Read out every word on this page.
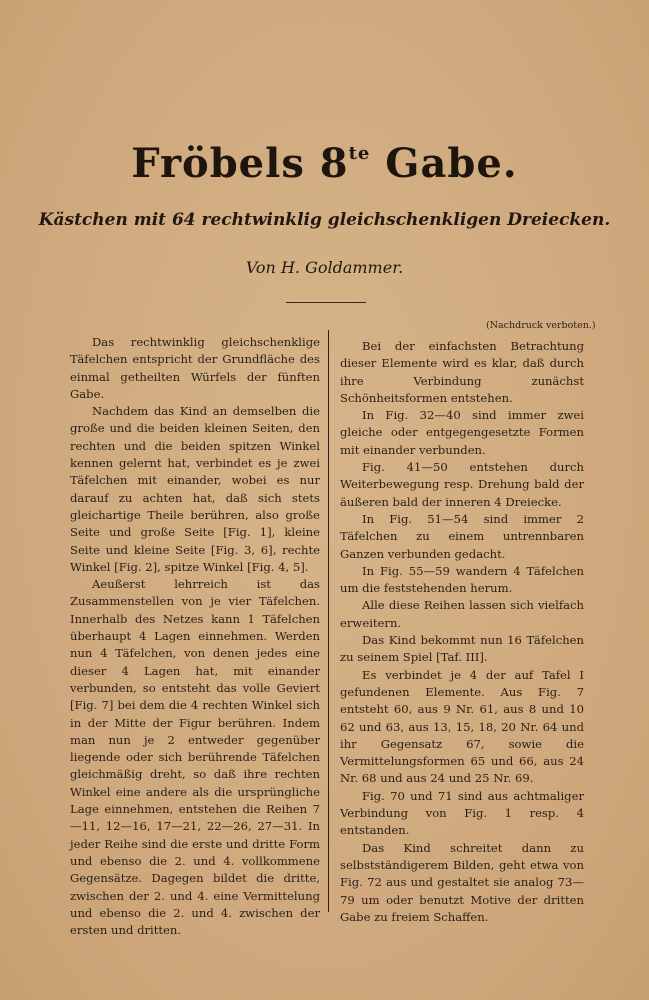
Fröbels $8^{te}$ Gabe.
Kästchen mit 64 rechtwinklig gleichschenkligen Dreiecken.
Von H. Goldammer.
(Nachdruck verboten.)

Das rechtwinklig gleichschenklige Täfelchen entspricht der Grundfläche des einmal getheilten Würfels der fünften Gabe.

Nachdem das Kind an demselben die große und die beiden kleinen Seiten, den rechten und die beiden spitzen Winkel kennen gelernt hat, verbindet es je zwei Täfelchen mit einander, wobei es nur darauf zu achten hat, daß sich stets gleichartige Theile berühren, also große Seite und große Seite [Fig. 1], kleine Seite und kleine Seite [Fig. 3, 6], rechte Winkel [Fig. 2], spitze Winkel [Fig. 4, 5].

Aeußerst lehrreich ist das Zusammenstellen von je vier Täfelchen. Innerhalb des Netzes kann 1 Täfelchen überhaupt 4 Lagen einnehmen. Werden nun 4 Täfelchen, von denen jedes eine dieser 4 Lagen hat, mit einander verbunden, so entsteht das volle Geviert [Fig. 7] bei dem die 4 rechten Winkel sich in der Mitte der Figur berühren. Indem man nun je 2 entweder gegenüber liegende oder sich berührende Täfelchen gleichmäßig dreht, so daß ihre rechten Winkel eine andere als die ursprüngliche Lage einnehmen, entstehen die Reihen 7—11, 12—16, 17—21, 22—26, 27—31. In jeder Reihe sind die erste und dritte Form und ebenso die 2. und 4. vollkommene Gegensätze. Dagegen bildet die dritte, zwischen der 2. und 4. eine Vermittelung und ebenso die 2. und 4. zwischen der ersten und dritten.

Bei der einfachsten Betrachtung dieser Elemente wird es klar, daß durch ihre Verbindung zunächst Schönheitsformen entstehen.

In Fig. 32—40 sind immer zwei gleiche oder entgegengesetzte Formen mit einander verbunden.

Fig. 41—50 entstehen durch Weiterbewegung resp. Drehung bald der äußeren bald der inneren 4 Dreiecke.

In Fig. 51—54 sind immer 2 Täfelchen zu einem untrennbaren Ganzen verbunden gedacht.

In Fig. 55—59 wandern 4 Täfelchen um die feststehenden herum.

Alle diese Reihen lassen sich vielfach erweitern.

Das Kind bekommt nun 16 Täfelchen zu seinem Spiel [Taf. III].

Es verbindet je 4 der auf Tafel I gefundenen Elemente. Aus Fig. 7 entsteht 60, aus 9 Nr. 61, aus 8 und 10 62 und 63, aus 13, 15, 18, 20 Nr. 64 und ihr Gegensatz 67, sowie die Vermittelungsformen 65 und 66, aus 24 Nr. 68 und aus 24 und 25 Nr. 69.

Fig. 70 und 71 sind aus achtmaliger Verbindung von Fig. 1 resp. 4 entstanden.

Das Kind schreitet dann zu selbstständigerem Bilden, geht etwa von Fig. 72 aus und gestaltet sie analog 73—79 um oder benutzt Motive der dritten Gabe zu freiem Schaffen.
